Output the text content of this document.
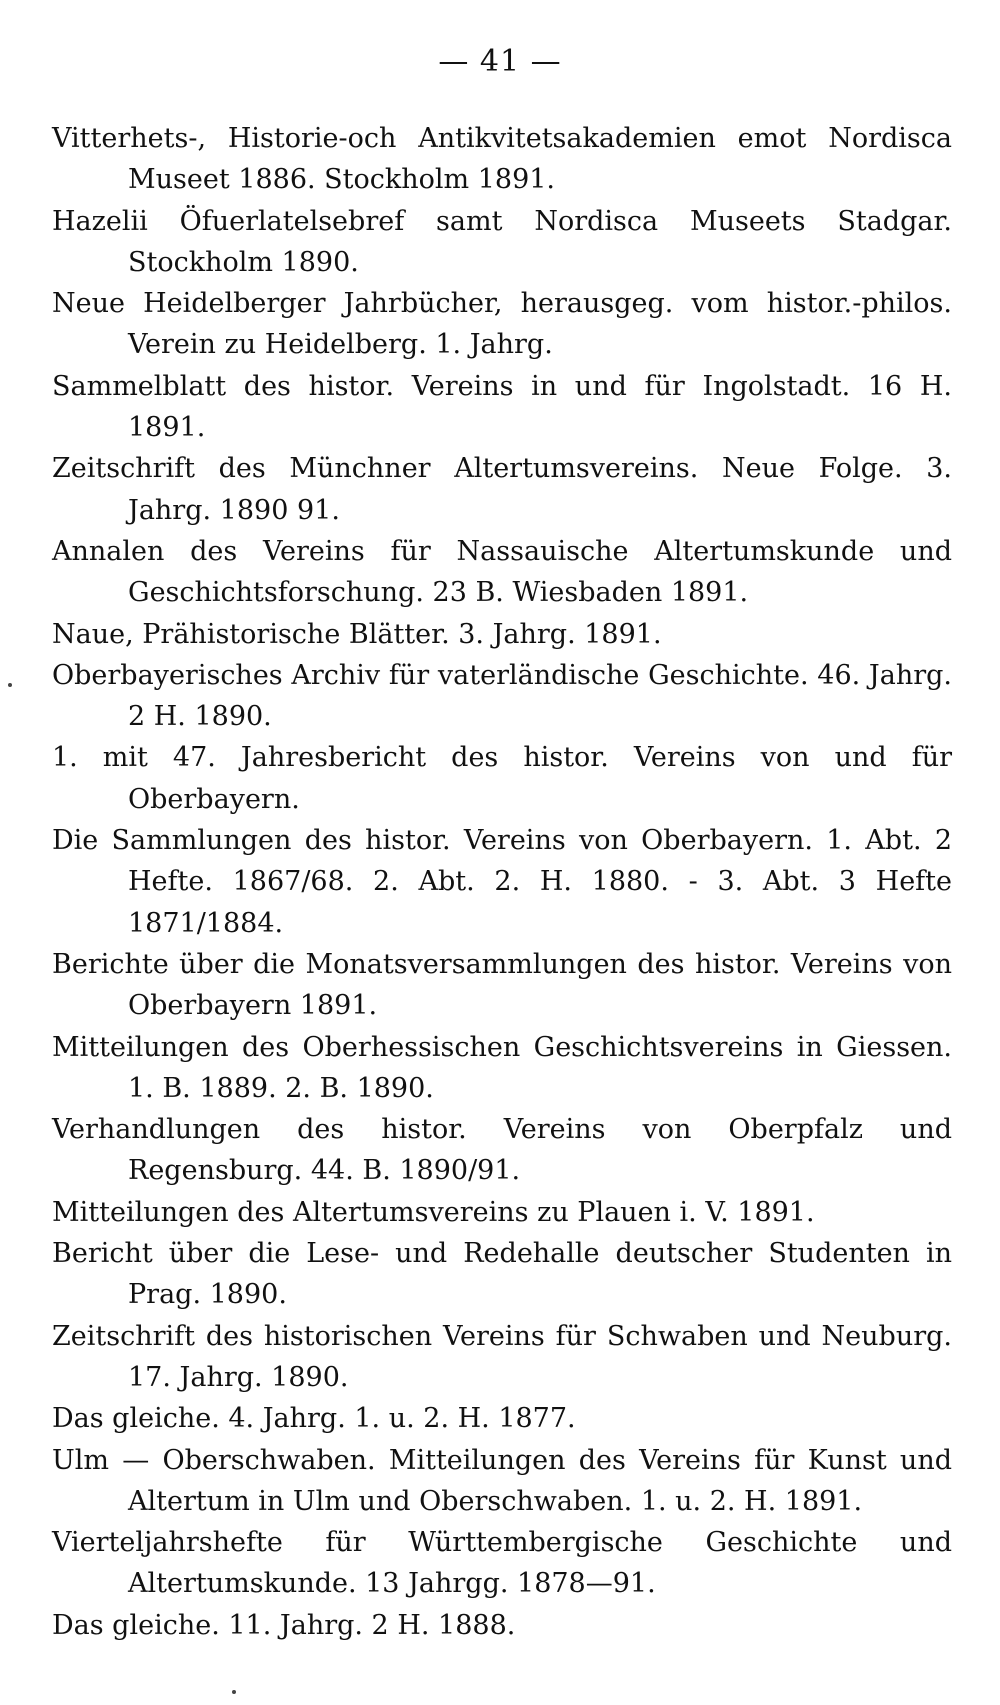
— 41 —
Vitterhets-, Historie-och Antikvitetsakademien emot Nordisca Museet 1886. Stockholm 1891.
Hazelii Öfuerlatelsebref samt Nordisca Museets Stadgar. Stockholm 1890.
Neue Heidelberger Jahrbücher, herausgeg. vom histor.-philos. Verein zu Heidelberg. 1. Jahrg.
Sammelblatt des histor. Vereins in und für Ingolstadt. 16 H. 1891.
Zeitschrift des Münchner Altertumsvereins. Neue Folge. 3. Jahrg. 1890 91.
Annalen des Vereins für Nassauische Altertumskunde und Geschichtsforschung. 23 B. Wiesbaden 1891.
Naue, Prähistorische Blätter. 3. Jahrg. 1891.
Oberbayerisches Archiv für vaterländische Geschichte. 46. Jahrg. 2 H. 1890.
1. mit 47. Jahresbericht des histor. Vereins von und für Oberbayern.
Die Sammlungen des histor. Vereins von Oberbayern. 1. Abt. 2 Hefte. 1867/68. 2. Abt. 2. H. 1880. - 3. Abt. 3 Hefte 1871/1884.
Berichte über die Monatsversammlungen des histor. Vereins von Oberbayern 1891.
Mitteilungen des Oberhessischen Geschichtsvereins in Giessen. 1. B. 1889. 2. B. 1890.
Verhandlungen des histor. Vereins von Oberpfalz und Regensburg. 44. B. 1890/91.
Mitteilungen des Altertumsvereins zu Plauen i. V. 1891.
Bericht über die Lese- und Redehalle deutscher Studenten in Prag. 1890.
Zeitschrift des historischen Vereins für Schwaben und Neuburg. 17. Jahrg. 1890.
Das gleiche. 4. Jahrg. 1. u. 2. H. 1877.
Ulm — Oberschwaben. Mitteilungen des Vereins für Kunst und Altertum in Ulm und Oberschwaben. 1. u. 2. H. 1891.
Vierteljahrshefte für Württembergische Geschichte und Altertumskunde. 13 Jahrgg. 1878—91.
Das gleiche. 11. Jahrg. 2 H. 1888.
